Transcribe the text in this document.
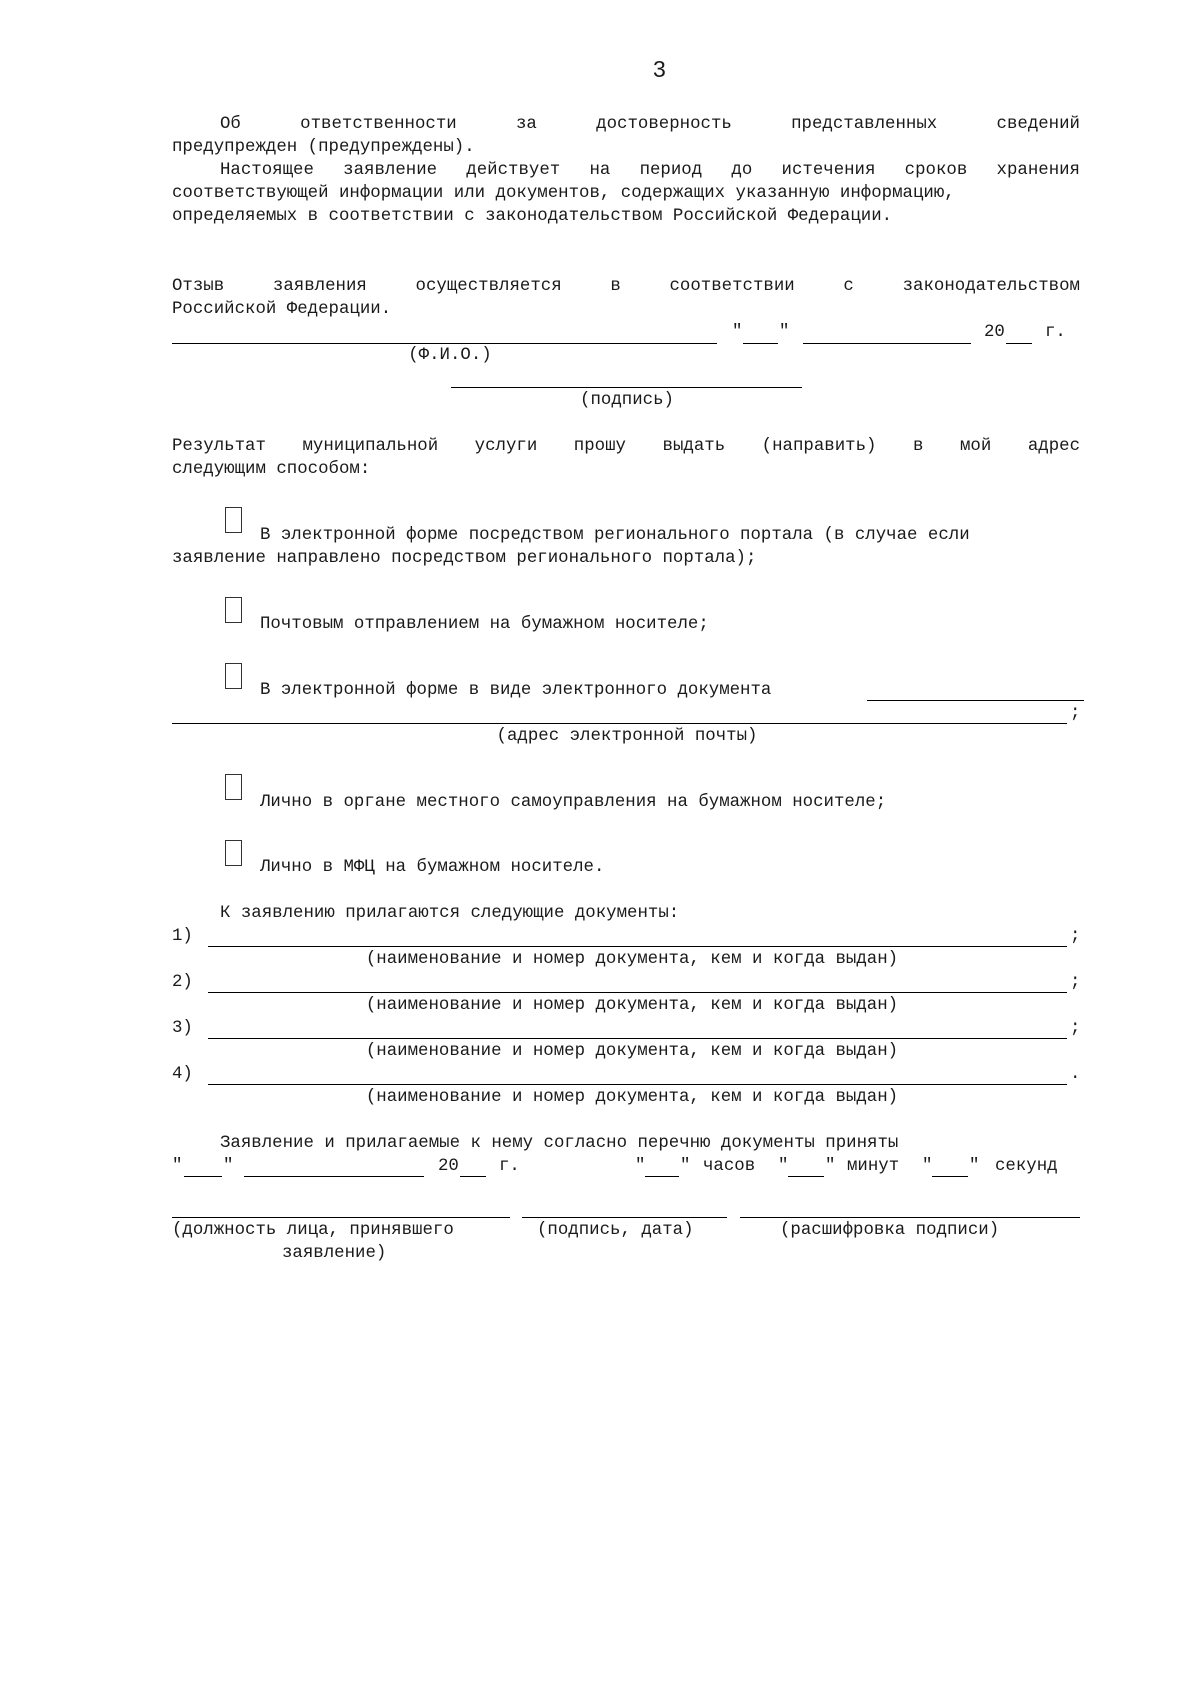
3
Об ответственности за достоверность представленных сведений
предупрежден (предупреждены).
Настоящее заявление действует на период до истечения сроков хранения
соответствующей информации или документов, содержащих указанную информацию,
определяемых в соответствии с законодательством Российской Федерации.
Отзыв заявления осуществляется в соответствии с законодательством
Российской Федерации.
" "	20 г.
(Ф.И.О.)
(подпись)
Результат муниципальной услуги прошу выдать (направить) в мой адрес
следующим способом:
В электронной форме посредством регионального портала (в случае если
заявление направлено посредством регионального портала);
Почтовым отправлением на бумажном носителе;
В электронной форме в виде электронного документа
;
(адрес электронной почты)
Лично в органе местного самоуправления на бумажном носителе;
Лично в МФЦ на бумажном носителе.
К заявлению прилагаются следующие документы:
1)	;
(наименование и номер документа, кем и когда выдан)
2)	;
(наименование и номер документа, кем и когда выдан)
3)	;
(наименование и номер документа, кем и когда выдан)
4)	.
(наименование и номер документа, кем и когда выдан)
Заявление и прилагаемые к нему согласно перечню документы приняты
" "	20 г.	" " часов " " минут " " секунд
(должность лица, принявшего
заявление)
(подпись, дата)	(расшифровка подписи)
